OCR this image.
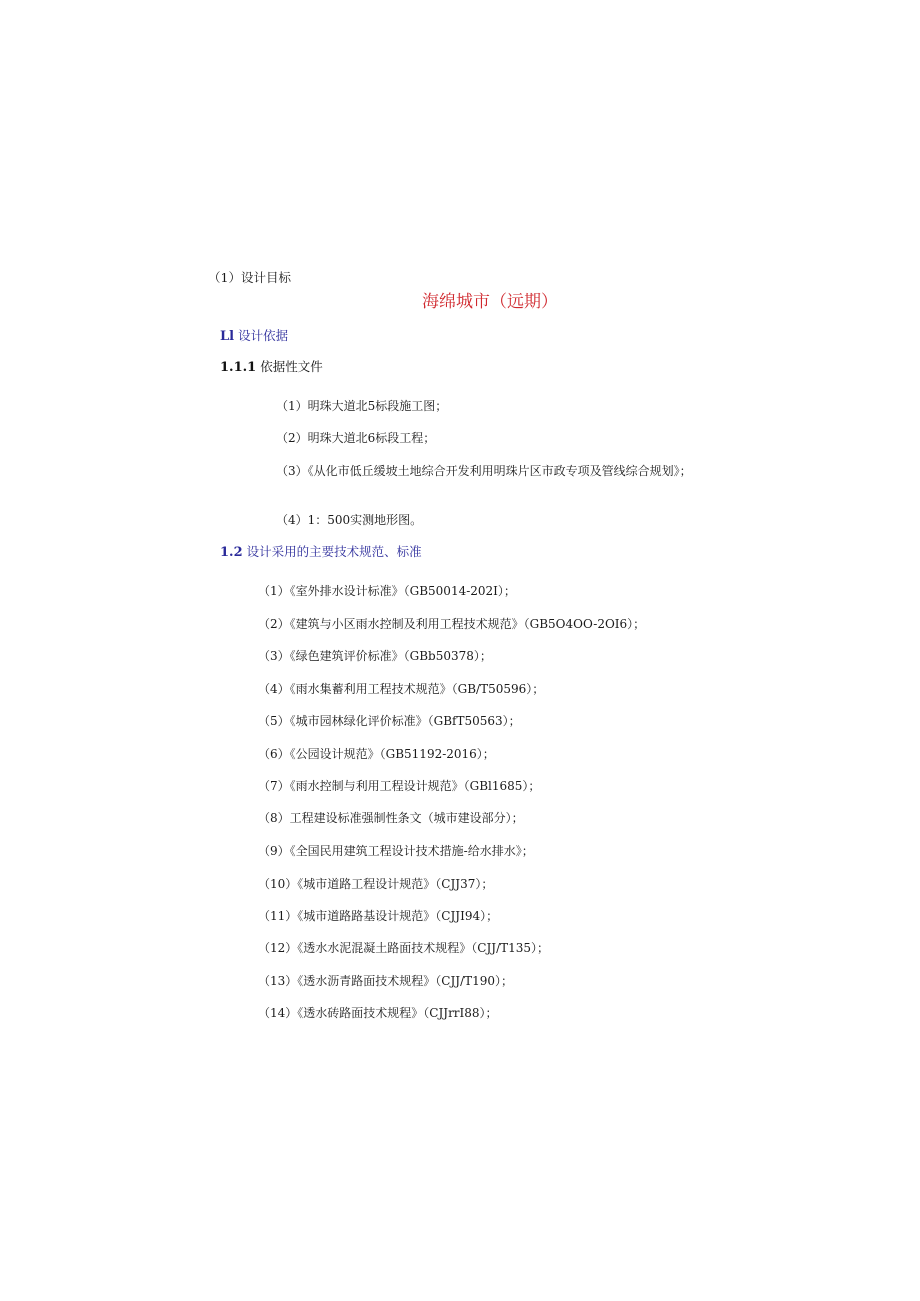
（1）设计目标
海绵城市（远期）
Ll 设计依据
1.1.1 依据性文件
（1）明珠大道北5标段施工图；
（2）明珠大道北6标段工程；
（3）《从化市低丘缓坡土地综合开发利用明珠片区市政专项及管线综合规划》；
（4）1：500实测地形图。
1.2 设计采用的主要技术规范、标准
（1）《室外排水设计标准》（GB50014-202I）；
（2）《建筑与小区雨水控制及利用工程技术规范》（GB5O4OO-2OI6）；
（3）《绿色建筑评价标准》（GBb50378）；
（4）《雨水集蓄利用工程技术规范》（GB/T50596）；
（5）《城市园林绿化评价标准》（GBfT50563）；
（6）《公园设计规范》（GB51192-2016）；
（7）《雨水控制与利用工程设计规范》（GBl1685）；
（8）工程建设标准强制性条文（城市建设部分）；
（9）《全国民用建筑工程设计技术措施-给水排水》；
（10）《城市道路工程设计规范》（CJJ37）；
（11）《城市道路路基设计规范》（CJJI94）；
（12）《透水水泥混凝土路面技术规程》（CJJ/T135）；
（13）《透水沥青路面技术规程》（CJJ/T190）；
（14）《透水砖路面技术规程》（CJJrrI88）；
